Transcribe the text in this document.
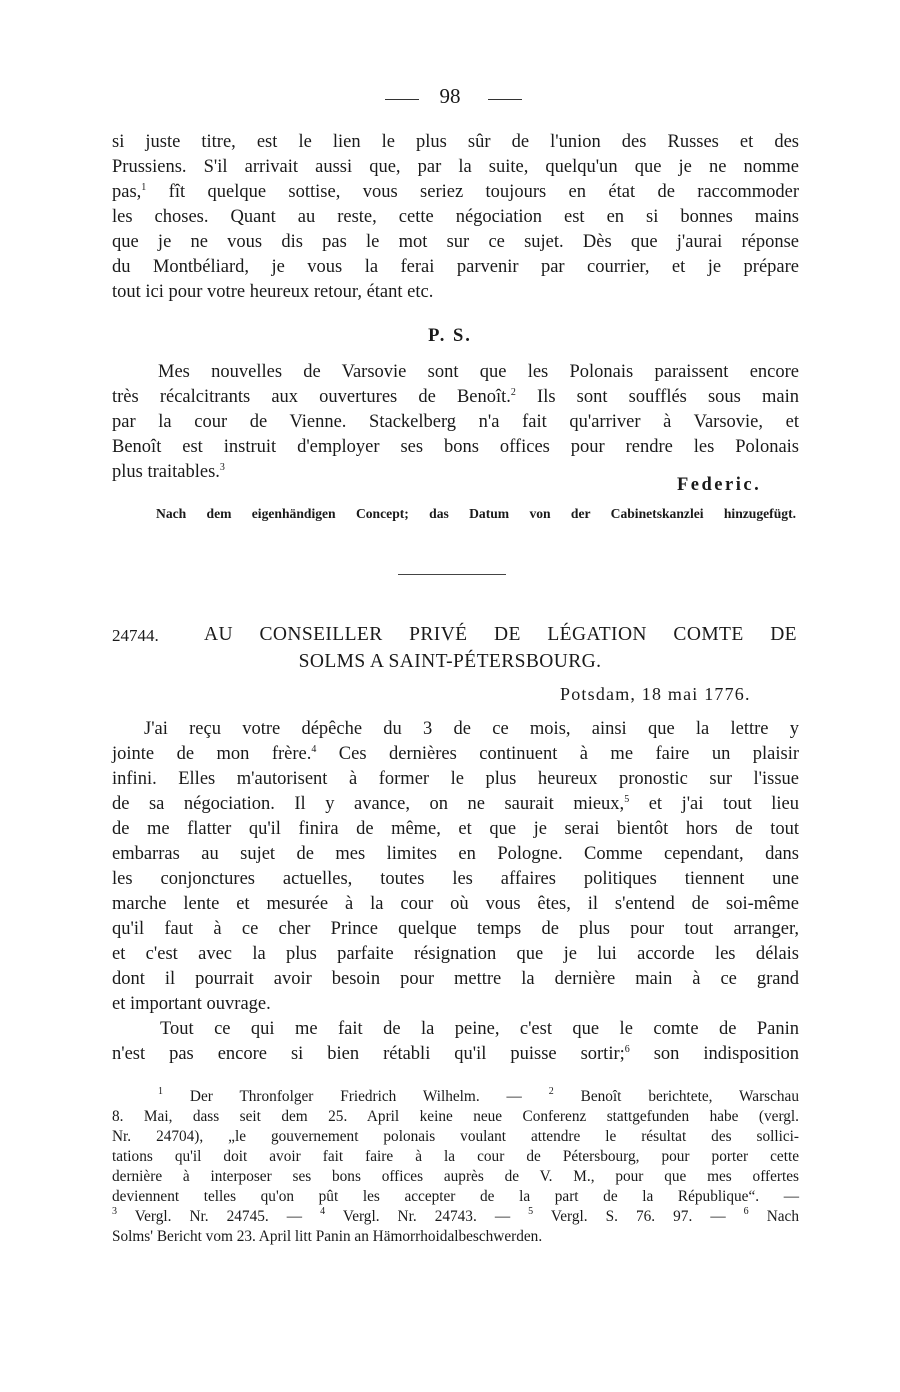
98
si juste titre, est le lien le plus sûr de l'union des Russes et des
Prussiens. S'il arrivait aussi que, par la suite, quelqu'un que je ne nomme
pas,$^1$ fît quelque sottise, vous seriez toujours en état de raccommoder
les choses. Quant au reste, cette négociation est en si bonnes mains
que je ne vous dis pas le mot sur ce sujet. Dès que j'aurai réponse
du Montbéliard, je vous la ferai parvenir par courrier, et je prépare
tout ici pour votre heureux retour, étant etc.
P. S.
Mes nouvelles de Varsovie sont que les Polonais paraissent encore
très récalcitrants aux ouvertures de Benoît.$^2$ Ils sont soufflés sous main
par la cour de Vienne. Stackelberg n'a fait qu'arriver à Varsovie, et
Benoît est instruit d'employer ses bons offices pour rendre les Polonais
plus traitables.$^3$
Federic.
Nach dem eigenhändigen Concept; das Datum von der Cabinetskanzlei hinzugefügt.
24744. AU CONSEILLER PRIVÉ DE LÉGATION COMTE DE
SOLMS A SAINT-PÉTERSBOURG.
Potsdam, 18 mai 1776.
J'ai reçu votre dépêche du 3 de ce mois, ainsi que la lettre y
jointe de mon frère.$^4$ Ces dernières continuent à me faire un plaisir
infini. Elles m'autorisent à former le plus heureux pronostic sur l'issue
de sa négociation. Il y avance, on ne saurait mieux,$^5$ et j'ai tout lieu
de me flatter qu'il finira de même, et que je serai bientôt hors de tout
embarras au sujet de mes limites en Pologne. Comme cependant, dans
les conjonctures actuelles, toutes les affaires politiques tiennent une
marche lente et mesurée à la cour où vous êtes, il s'entend de soi-même
qu'il faut à ce cher Prince quelque temps de plus pour tout arranger,
et c'est avec la plus parfaite résignation que je lui accorde les délais
dont il pourrait avoir besoin pour mettre la dernière main à ce grand
et important ouvrage.
Tout ce qui me fait de la peine, c'est que le comte de Panin
n'est pas encore si bien rétabli qu'il puisse sortir;$^6$ son indisposition
$^1$ Der Thronfolger Friedrich Wilhelm. — $^2$ Benoît berichtete, Warschau
8. Mai, dass seit dem 25. April keine neue Conferenz stattgefunden habe (vergl.
Nr. 24704), „le gouvernement polonais voulant attendre le résultat des sollici-
tations qu'il doit avoir fait faire à la cour de Pétersbourg, pour porter cette
dernière à interposer ses bons offices auprès de V. M., pour que mes offertes
deviennent telles qu'on pût les accepter de la part de la République“. —
$^3$ Vergl. Nr. 24745. — $^4$ Vergl. Nr. 24743. — $^5$ Vergl. S. 76. 97. — $^6$ Nach
Solms' Bericht vom 23. April litt Panin an Hämorrhoidalbeschwerden.
